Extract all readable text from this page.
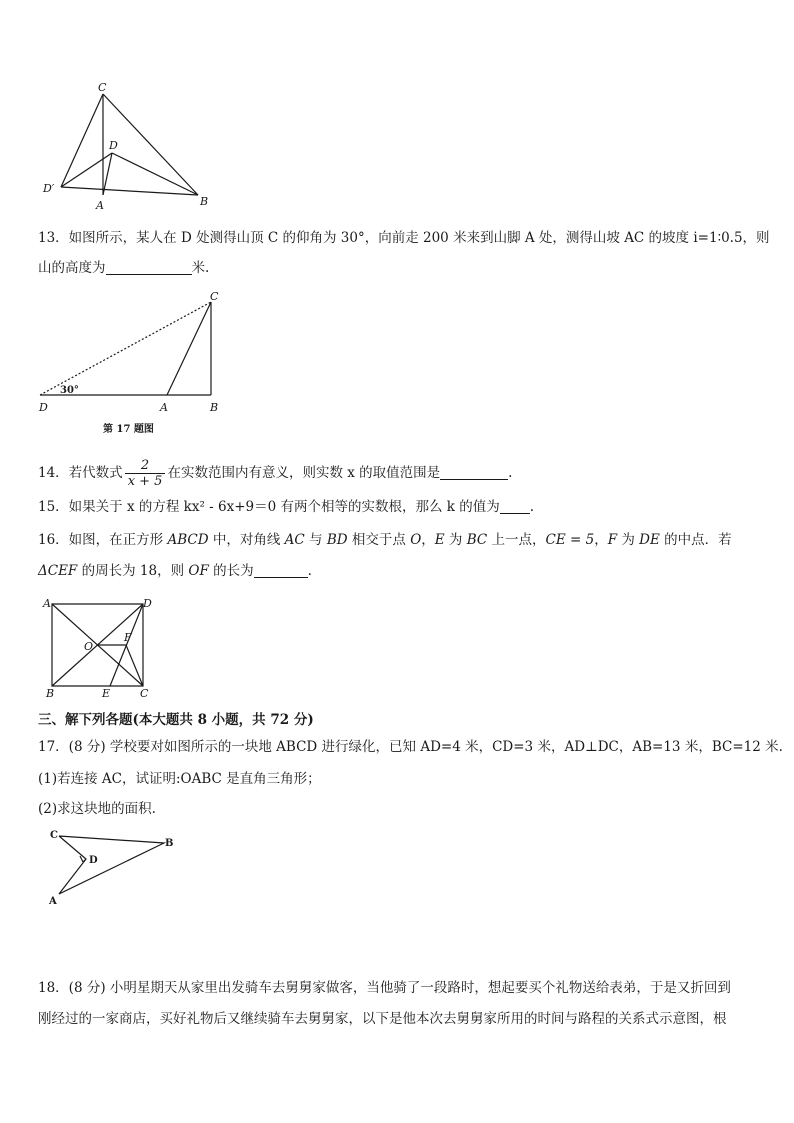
C
D
D′
A	B
13．如图所示，某人在 D 处测得山顶 C 的仰角为 30°，向前走 200 米来到山脚 A 处，测得山坡 AC 的坡度 i=1∶0.5，则
山的高度为	米.
C
30°
D	A	B
第 17 题图
14．若代数式 $\frac{2}{x + 5}$ 在实数范围内有意义，则实数 x 的取值范围是	.
15．如果关于 x 的方程 kx² - 6x+9＝0 有两个相等的实数根，那么 k 的值为 .
16．如图，在正方形 ABCD 中，对角线 AC 与 BD 相交于点 O，E 为 BC 上一点，CE = 5，F 为 DE 的中点．若
ΔCEF 的周长为 18，则 OF 的长为	.
A	D
O
F
B	E	C
三、解下列各题(本大题共 8 小题，共 72 分)
17．(8 分) 学校要对如图所示的一块地 ABCD 进行绿化，已知 AD=4 米，CD=3 米，AD⊥DC，AB=13 米，BC=12 米.
(1)若连接 AC，试证明:OABC 是直角三角形；
(2)求这块地的面积.
C
B
D
A
18．(8 分) 小明星期天从家里出发骑车去舅舅家做客，当他骑了一段路时，想起要买个礼物送给表弟，于是又折回到
刚经过的一家商店，买好礼物后又继续骑车去舅舅家，以下是他本次去舅舅家所用的时间与路程的关系式示意图，根
